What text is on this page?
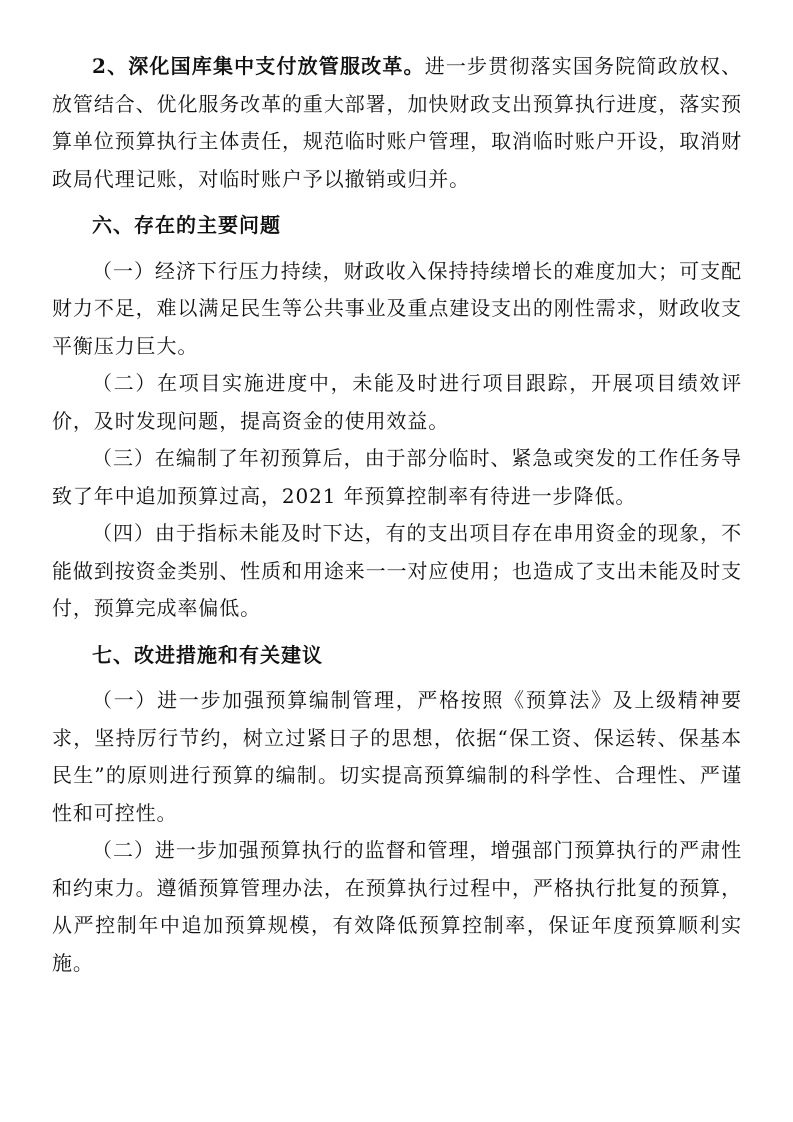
2、深化国库集中支付放管服改革。进一步贯彻落实国务院简政放权、放管结合、优化服务改革的重大部署，加快财政支出预算执行进度，落实预算单位预算执行主体责任，规范临时账户管理，取消临时账户开设，取消财政局代理记账，对临时账户予以撤销或归并。

六、存在的主要问题

（一）经济下行压力持续，财政收入保持持续增长的难度加大；可支配财力不足，难以满足民生等公共事业及重点建设支出的刚性需求，财政收支平衡压力巨大。

（二）在项目实施进度中，未能及时进行项目跟踪，开展项目绩效评价，及时发现问题，提高资金的使用效益。

（三）在编制了年初预算后，由于部分临时、紧急或突发的工作任务导致了年中追加预算过高，2021 年预算控制率有待进一步降低。

（四）由于指标未能及时下达，有的支出项目存在串用资金的现象，不能做到按资金类别、性质和用途来一一对应使用；也造成了支出未能及时支付，预算完成率偏低。

七、改进措施和有关建议

（一）进一步加强预算编制管理，严格按照《预算法》及上级精神要求，坚持厉行节约，树立过紧日子的思想，依据“保工资、保运转、保基本民生”的原则进行预算的编制。切实提高预算编制的科学性、合理性、严谨性和可控性。

（二）进一步加强预算执行的监督和管理，增强部门预算执行的严肃性和约束力。遵循预算管理办法，在预算执行过程中，严格执行批复的预算，从严控制年中追加预算规模，有效降低预算控制率，保证年度预算顺利实施。
